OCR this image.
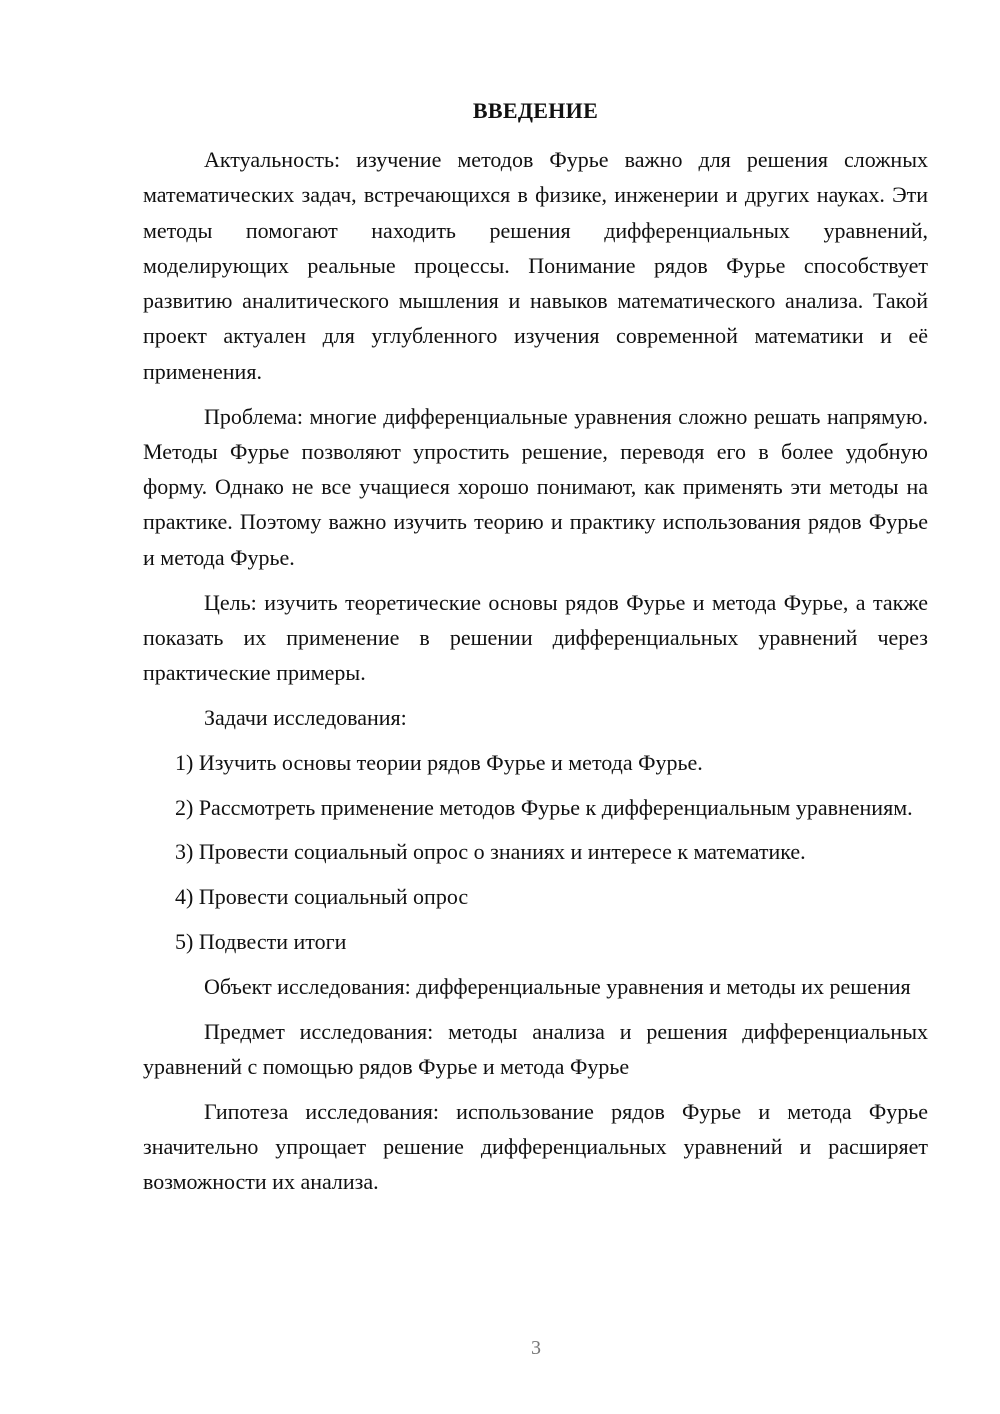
ВВЕДЕНИЕ

Актуальность: изучение методов Фурье важно для решения сложных математических задач, встречающихся в физике, инженерии и других науках. Эти методы помогают находить решения дифференциальных уравнений, моделирующих реальные процессы. Понимание рядов Фурье способствует развитию аналитического мышления и навыков математического анализа. Такой проект актуален для углубленного изучения современной математики и её применения.

Проблема: многие дифференциальные уравнения сложно решать напрямую. Методы Фурье позволяют упростить решение, переводя его в более удобную форму. Однако не все учащиеся хорошо понимают, как применять эти методы на практике. Поэтому важно изучить теорию и практику использования рядов Фурье и метода Фурье.

Цель: изучить теоретические основы рядов Фурье и метода Фурье, а также показать их применение в решении дифференциальных уравнений через практические примеры.

Задачи исследования:

1) Изучить основы теории рядов Фурье и метода Фурье.

2) Рассмотреть применение методов Фурье к дифференциальным уравнениям.

3) Провести социальный опрос о знаниях и интересе к математике.

4) Провести социальный опрос

5) Подвести итоги

Объект исследования: дифференциальные уравнения и методы их решения

Предмет исследования: методы анализа и решения дифференциальных уравнений с помощью рядов Фурье и метода Фурье

Гипотеза исследования: использование рядов Фурье и метода Фурье значительно упрощает решение дифференциальных уравнений и расширяет возможности их анализа.

3
